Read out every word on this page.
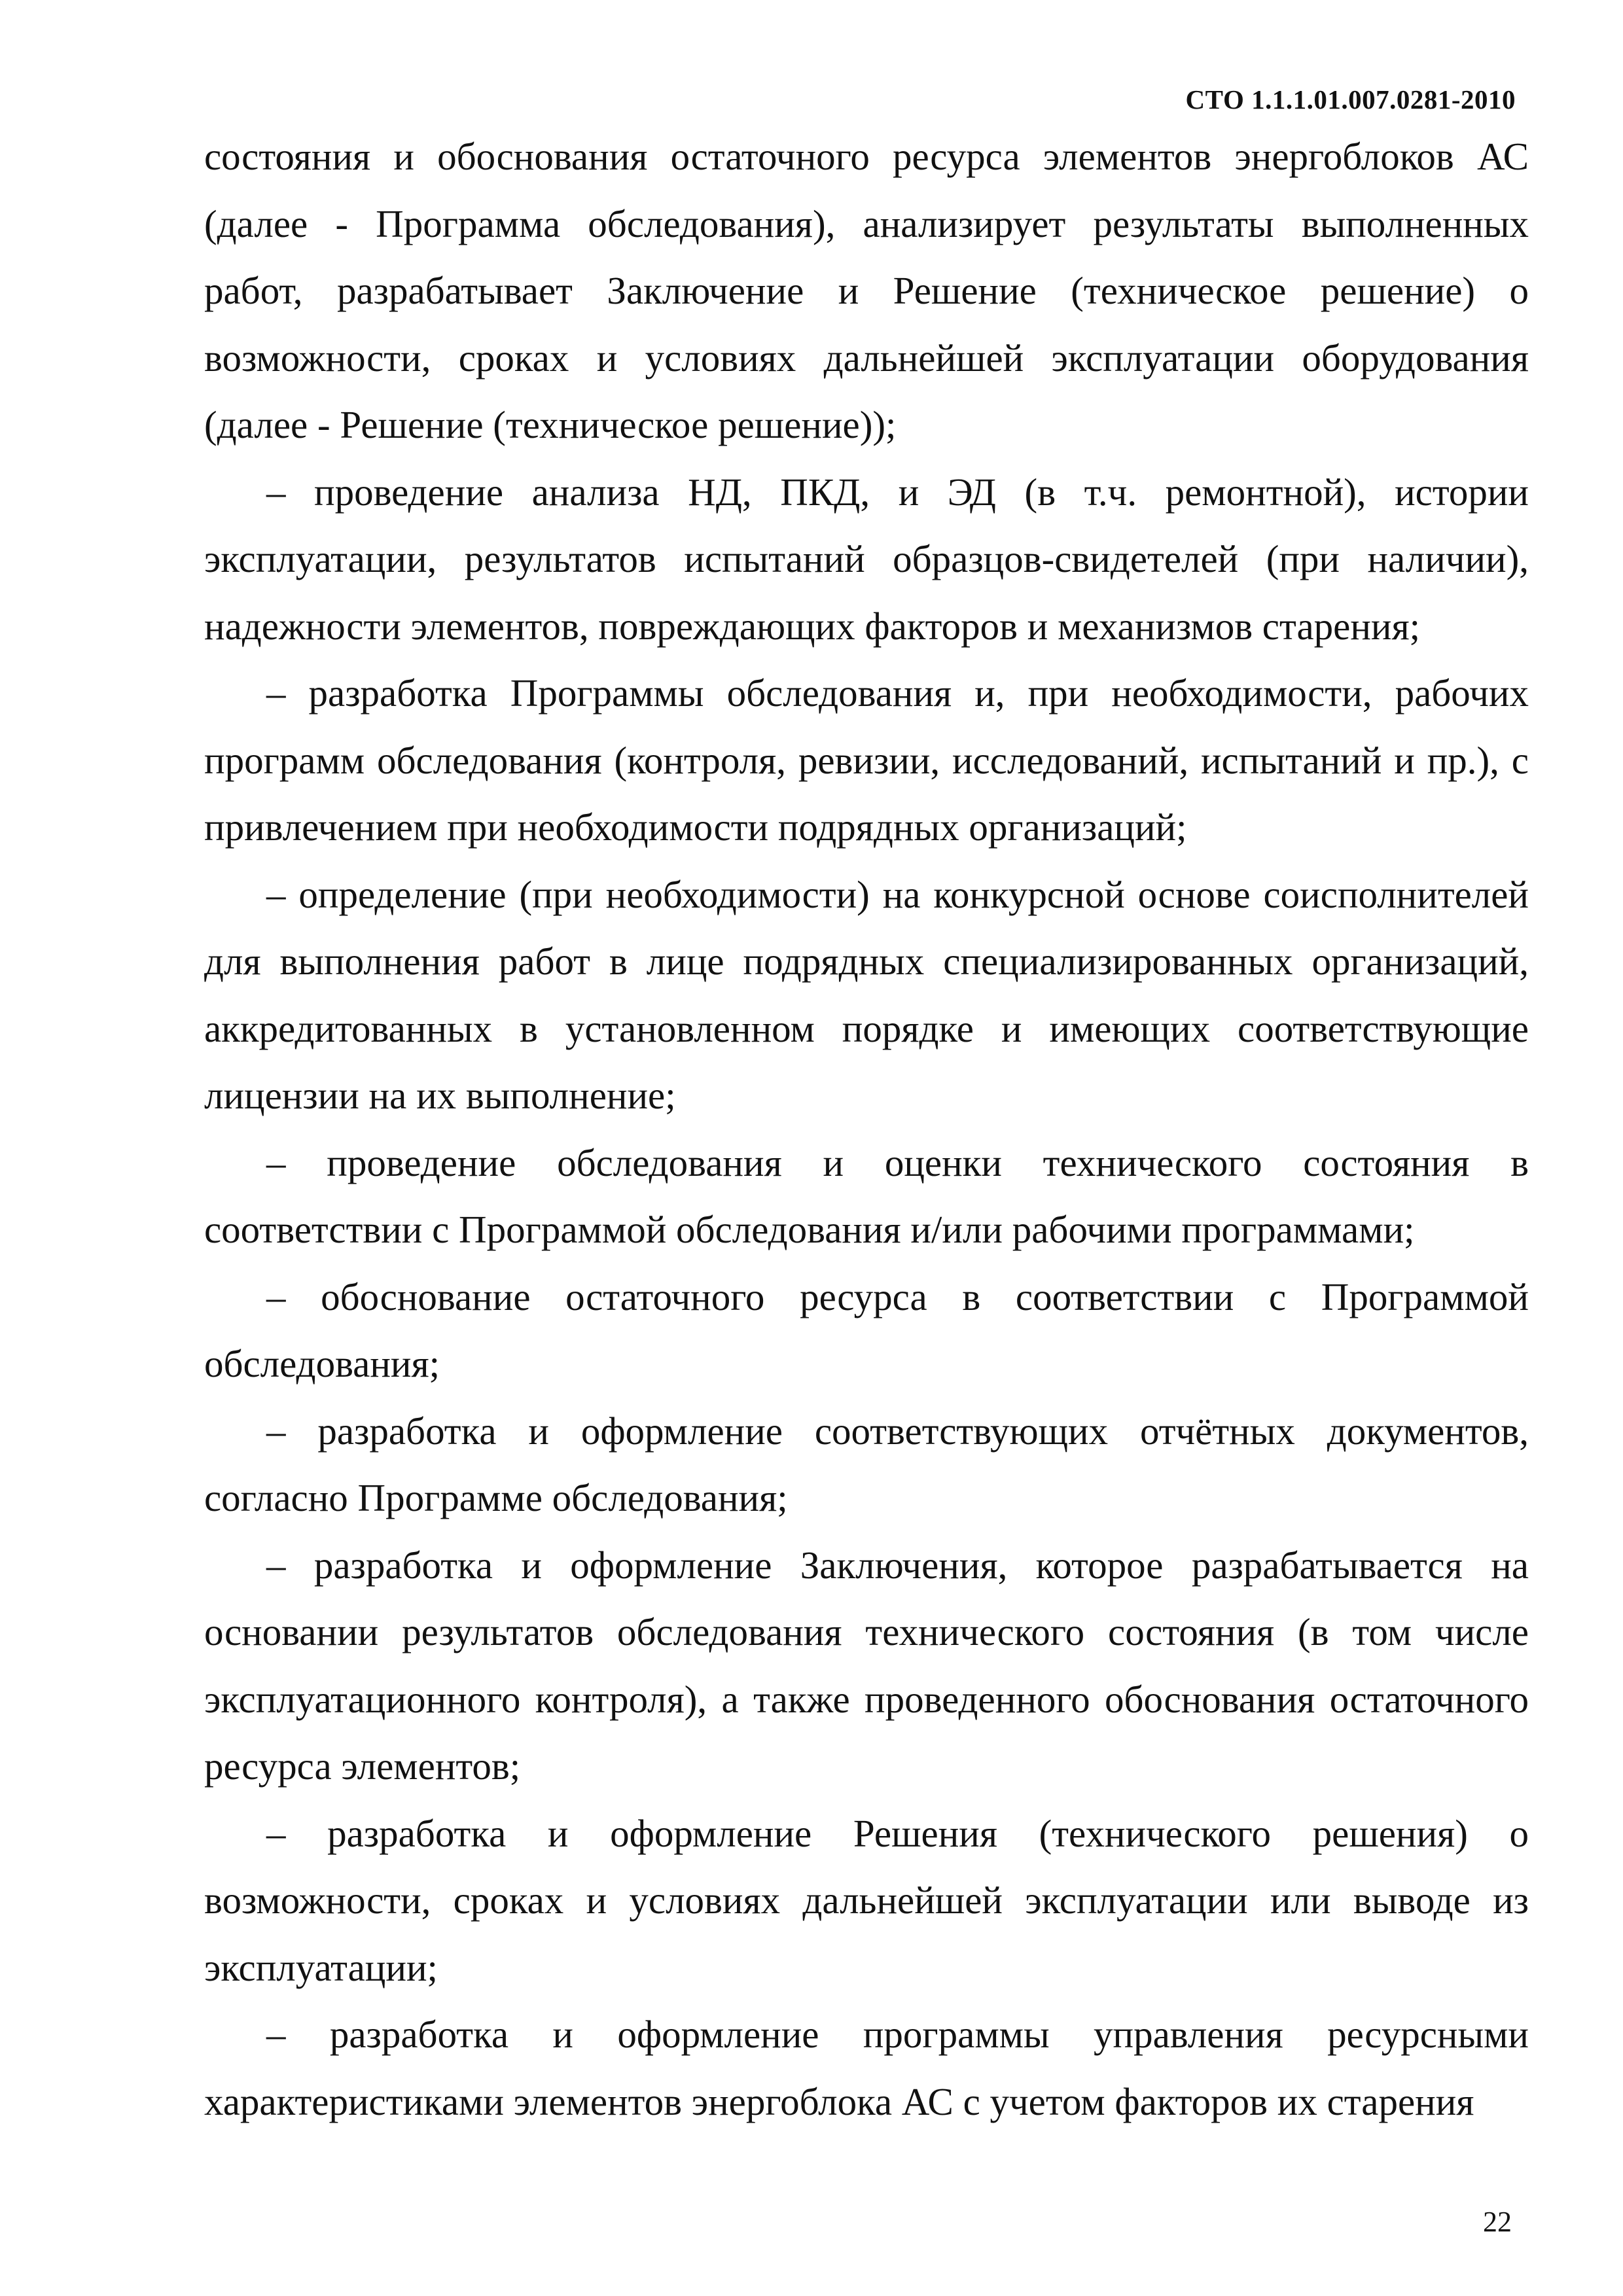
СТО 1.1.1.01.007.0281-2010

состояния и обоснования остаточного ресурса элементов энергоблоков АС (далее - Программа обследования), анализирует результаты выполненных работ, разрабатывает Заключение и Решение (техническое решение) о возможности, сроках и условиях дальнейшей эксплуатации оборудования (далее - Решение (техническое решение));

– проведение анализа НД, ПКД, и ЭД (в т.ч. ремонтной), истории эксплуатации, результатов испытаний образцов-свидетелей (при наличии), надежности элементов, повреждающих факторов и механизмов старения;

– разработка Программы обследования и, при необходимости, рабочих программ обследования (контроля, ревизии, исследований, испытаний и пр.), с привлечением при необходимости подрядных организаций;

– определение (при необходимости) на конкурсной основе соисполнителей для выполнения работ в лице подрядных специализированных организаций, аккредитованных в установленном порядке и имеющих соответствующие лицензии на их выполнение;

– проведение обследования и оценки технического состояния в соответствии с Программой обследования и/или рабочими программами;

– обоснование остаточного ресурса в соответствии с Программой обследования;

– разработка и оформление соответствующих отчётных документов, согласно Программе обследования;

– разработка и оформление Заключения, которое разрабатывается на основании результатов обследования технического состояния (в том числе эксплуатационного контроля), а также проведенного обоснования остаточного ресурса элементов;

– разработка и оформление Решения (технического решения) о возможности, сроках и условиях дальнейшей эксплуатации или выводе из эксплуатации;

– разработка и оформление программы управления ресурсными характеристиками элементов энергоблока АС с учетом факторов их старения

22
